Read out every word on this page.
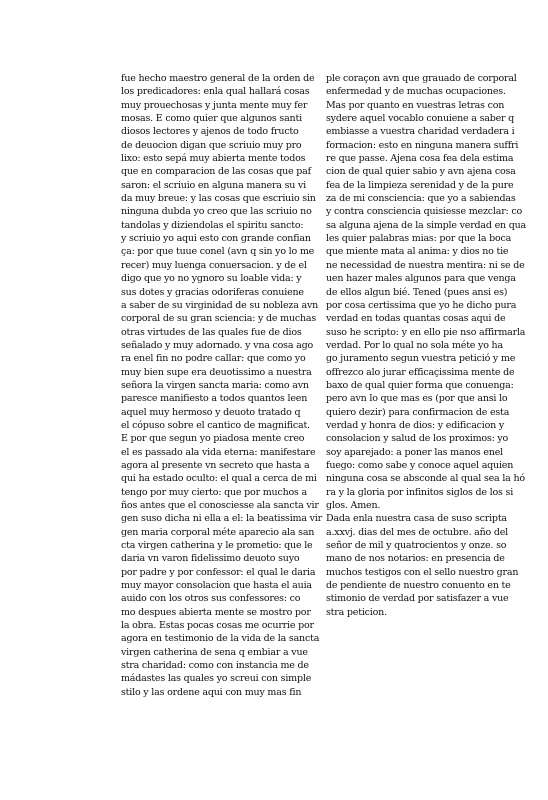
fue hecho maestro general de la orden de
los predicadores: enla qual hallará cosas
muy prouechosas y junta mente muy fer
mosas. E como quier que algunos santi
diosos lectores y ajenos de todo fructo
de deuocion digan que scriuio muy pro
lixo: esto sepá muy abierta mente todos
que en comparacion de las cosas que paf
saron: el scriuio en alguna manera su vi
da muy breue: y las cosas que escriuio sin
ninguna dubda yo creo que las scriuio no
tandolas y diziendolas el spiritu sancto:
y scriuio yo aqui esto con grande confian
ça: por que tuue conel (avn q sin yo lo me
recer) muy luenga conuersacion. y de el
digo que yo no ygnoro su loable vida: y
sus dotes y gracias odoriferas conuiene
a saber de su virginidad de su nobleza avn
corporal de su gran sciencia: y de muchas
otras virtudes de las quales fue de dios
señalado y muy adornado. y vna cosa ago
ra enel fin no podre callar: que como yo
muy bien supe era deuotissimo a nuestra
señora la virgen sancta maria: como avn
paresce manifiesto a todos quantos leen
aquel muy hermoso y deuoto tratado q
el cópuso sobre el cantico de magnificat.
E por que segun yo piadosa mente creo
el es passado ala vida eterna: manifestare
agora al presente vn secreto que hasta a
qui ha estado oculto: el qual a cerca de mi
tengo por muy cierto: que por muchos a
ños antes que el conosciesse ala sancta vir
gen suso dicha ni ella a el: la beatissima vir
gen maria corporal méte aparecio ala san
cta virgen catherina y le prometio: que le
daria vn varon fidelissimo deuoto suyo
por padre y por confessor: el qual le daria
muy mayor consolacion que hasta el auia
auido con los otros sus confessores: co
mo despues abierta mente se mostro por
la obra. Estas pocas cosas me ocurrie por
agora en testimonio de la vida de la sancta
virgen catherina de sena q embiar a vue
stra charidad: como con instancia me de
mádastes las quales yo screui con simple
stilo y las ordene aqui con muy mas fin
ple coraçon avn que grauado de corporal
enfermedad y de muchas ocupaciones.
Mas por quanto en vuestras letras con
sydere aquel vocablo conuiene a saber q
embiasse a vuestra charidad verdadera i
formacion: esto en ninguna manera suffri
re que passe. Ajena cosa fea dela estima
cion de qual quier sabio y avn ajena cosa
fea de la limpieza serenidad y de la pure
za de mi consciencia: que yo a sabiendas
y contra consciencia quisiesse mezclar: co
sa alguna ajena de la simple verdad en qua
les quier palabras mias: por que la boca
que miente mata al anima: y dios no tie
ne necessidad de nuestra mentira: ni se de
uen hazer males algunos para que venga
de ellos algun bié. Tened (pues ansi es)
por cosa certissima que yo he dicho pura
verdad en todas quantas cosas aqui de
suso he scripto: y en ello pie nso affirmarla
verdad. Por lo qual no sola méte yo ha
go juramento segun vuestra petició y me
offrezco alo jurar efficaçissima mente de
baxo de qual quier forma que conuenga:
pero avn lo que mas es (por que ansi lo
quiero dezir) para confirmacion de esta
verdad y honra de dios: y edificacion y
consolacion y salud de los proximos: yo
soy aparejado: a poner las manos enel
fuego: como sabe y conoce aquel aquien
ninguna cosa se absconde al qual sea la hó
ra y la gloria por infinitos siglos de los si
glos. Amen.
Dada enla nuestra casa de suso scripta
a.xxvj. dias del mes de octubre. año del
señor de mil y quatrocientos y onze. so
mano de nos notarios: en presencia de
muchos testigos con el sello nuestro gran
de pendiente de nuestro conuento en te
stimonio de verdad por satisfazer a vue
stra peticion.
